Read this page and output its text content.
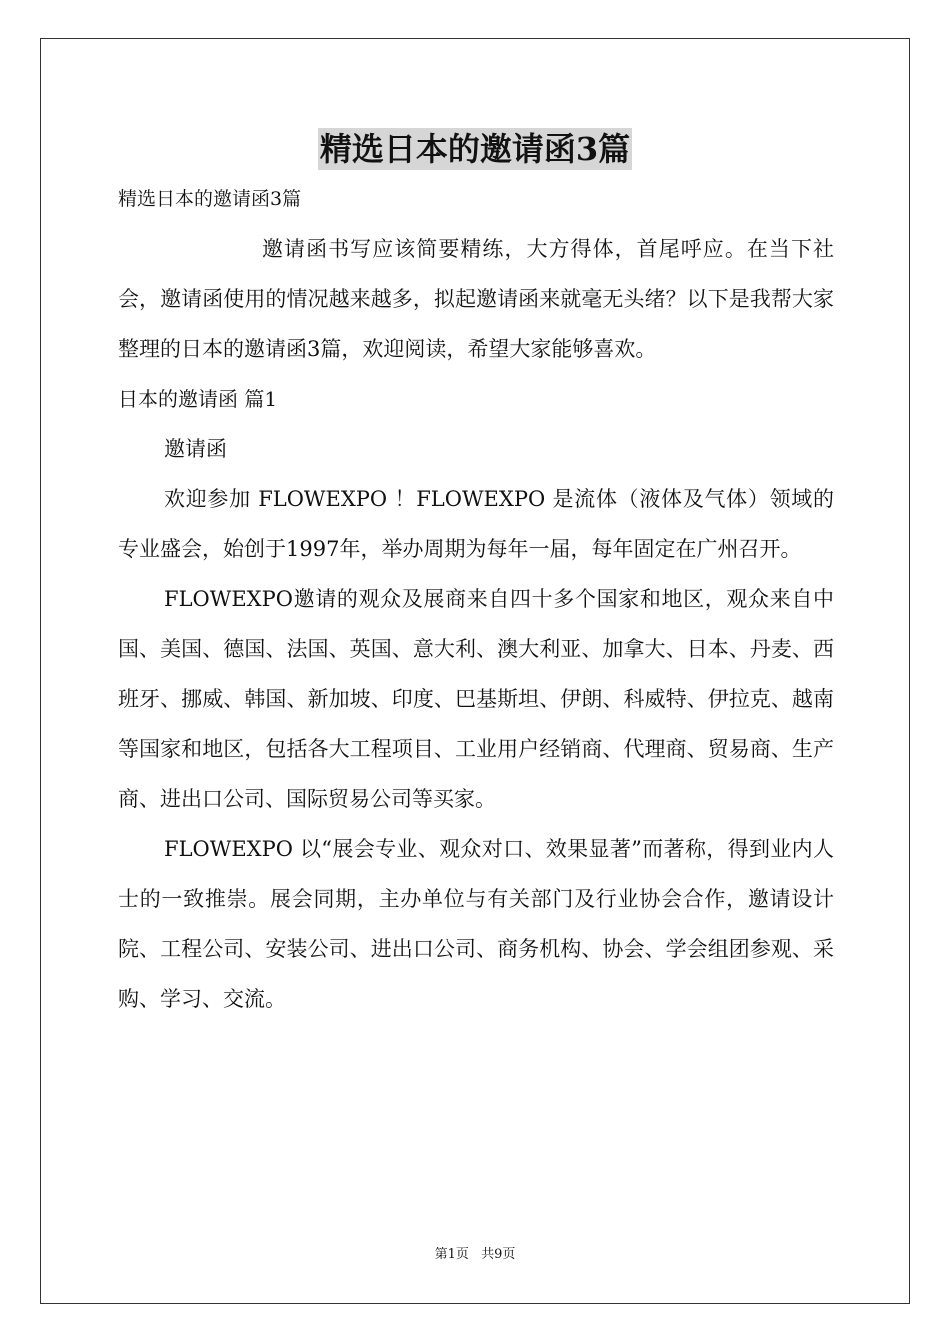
精选日本的邀请函3篇

精选日本的邀请函3篇

邀请函书写应该简要精练，大方得体，首尾呼应。在当下社会，邀请函使用的情况越来越多，拟起邀请函来就毫无头绪？以下是我帮大家整理的日本的邀请函3篇，欢迎阅读，希望大家能够喜欢。

日本的邀请函 篇1

邀请函

欢迎参加 FLOWEXPO ！FLOWEXPO 是流体（液体及气体）领域的专业盛会，始创于1997年，举办周期为每年一届，每年固定在广州召开。

FLOWEXPO邀请的观众及展商来自四十多个国家和地区，观众来自中国、美国、德国、法国、英国、意大利、澳大利亚、加拿大、日本、丹麦、西班牙、挪威、韩国、新加坡、印度、巴基斯坦、伊朗、科威特、伊拉克、越南等国家和地区，包括各大工程项目、工业用户经销商、代理商、贸易商、生产商、进出口公司、国际贸易公司等买家。

FLOWEXPO 以“展会专业、观众对口、效果显著”而著称，得到业内人士的一致推崇。展会同期，主办单位与有关部门及行业协会合作，邀请设计院、工程公司、安装公司、进出口公司、商务机构、协会、学会组团参观、采购、学习、交流。

第1页 共9页
